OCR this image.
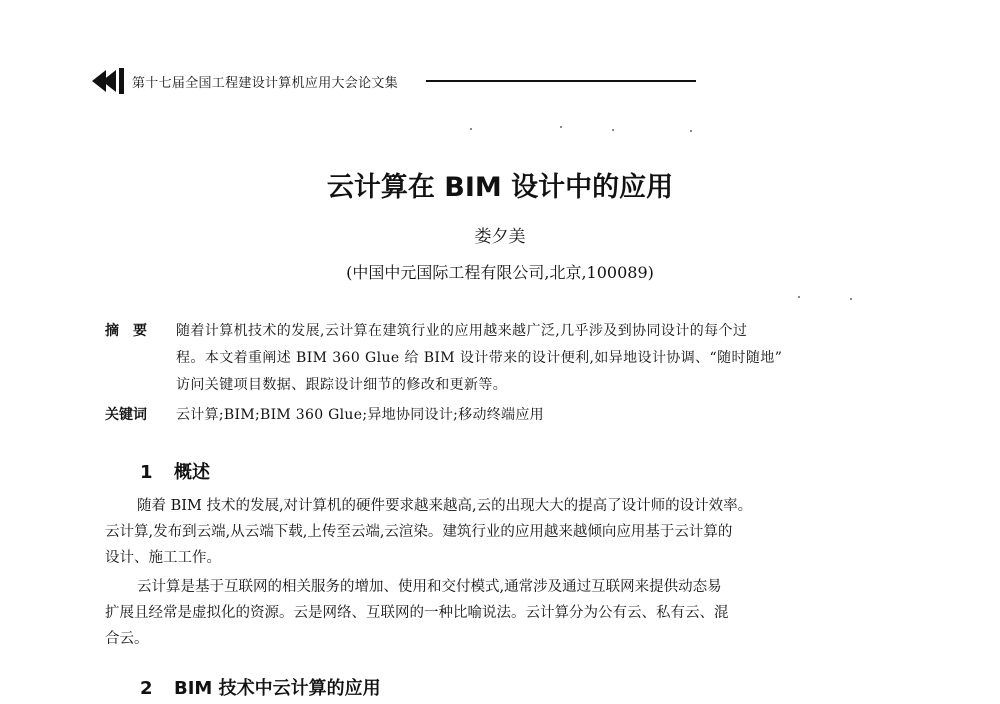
第十七届全国工程建设计算机应用大会论文集
云计算在 BIM 设计中的应用
娄夕美
(中国中元国际工程有限公司,北京,100089)
摘要 随着计算机技术的发展,云计算在建筑行业的应用越来越广泛,几乎涉及到协同设计的每个过
程。本文着重阐述 BIM 360 Glue 给 BIM 设计带来的设计便利,如异地设计协调、“随时随地”
访问关键项目数据、跟踪设计细节的修改和更新等。
关键词 云计算;BIM;BIM 360 Glue;异地协同设计;移动终端应用
1 概述
随着 BIM 技术的发展,对计算机的硬件要求越来越高,云的出现大大的提高了设计师的设计效率。
云计算,发布到云端,从云端下载,上传至云端,云渲染。建筑行业的应用越来越倾向应用基于云计算的
设计、施工工作。
云计算是基于互联网的相关服务的增加、使用和交付模式,通常涉及通过互联网来提供动态易
扩展且经常是虚拟化的资源。云是网络、互联网的一种比喻说法。云计算分为公有云、私有云、混
合云。
2 BIM 技术中云计算的应用
